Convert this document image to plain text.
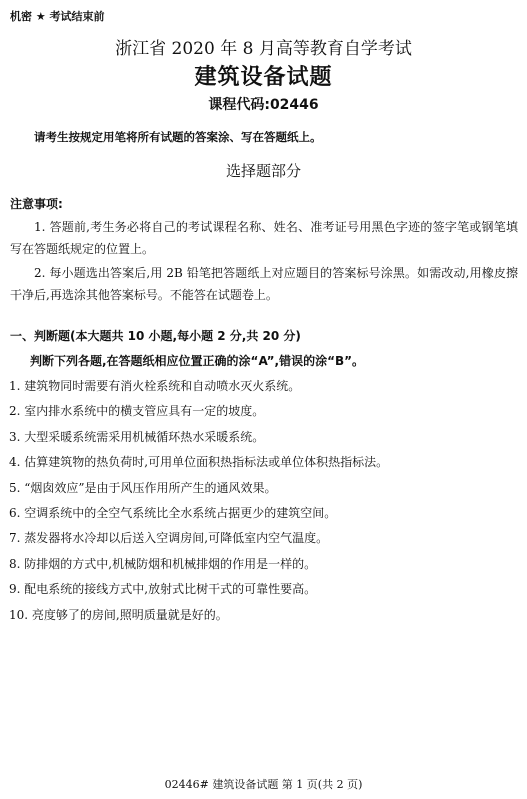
机密 ★ 考试结束前
浙江省 2020 年 8 月高等教育自学考试
建筑设备试题
课程代码:02446
请考生按规定用笔将所有试题的答案涂、写在答题纸上。
选择题部分
注意事项:
1. 答题前,考生务必将自己的考试课程名称、姓名、准考证号用黑色字迹的签字笔或钢笔填写在答题纸规定的位置上。
2. 每小题选出答案后,用 2B 铅笔把答题纸上对应题目的答案标号涂黑。如需改动,用橡皮擦干净后,再选涂其他答案标号。不能答在试题卷上。
一、判断题(本大题共 10 小题,每小题 2 分,共 20 分)
判断下列各题,在答题纸相应位置正确的涂“A”,错误的涂“B”。
1. 建筑物同时需要有消火栓系统和自动喷水灭火系统。
2. 室内排水系统中的横支管应具有一定的坡度。
3. 大型采暖系统需采用机械循环热水采暖系统。
4. 估算建筑物的热负荷时,可用单位面积热指标法或单位体积热指标法。
5. “烟囱效应”是由于风压作用所产生的通风效果。
6. 空调系统中的全空气系统比全水系统占据更少的建筑空间。
7. 蒸发器将水冷却以后送入空调房间,可降低室内空气温度。
8. 防排烟的方式中,机械防烟和机械排烟的作用是一样的。
9. 配电系统的接线方式中,放射式比树干式的可靠性要高。
10. 亮度够了的房间,照明质量就是好的。
02446# 建筑设备试题 第 1 页(共 2 页)
